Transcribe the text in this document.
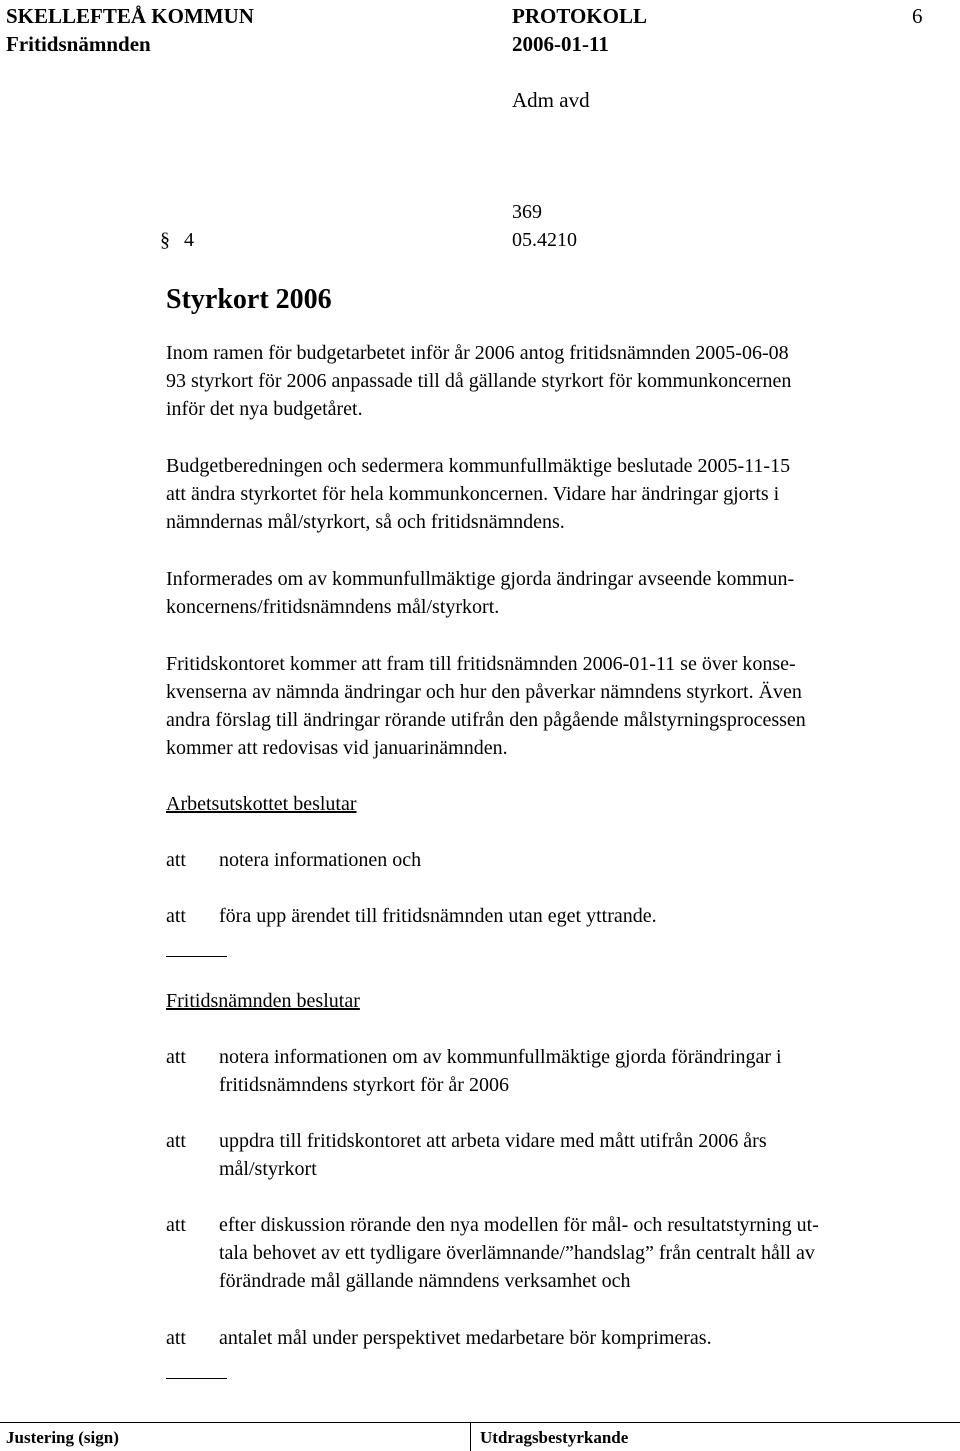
SKELLEFTEÅ KOMMUN	PROTOKOLL	6
Fritidsnämnden	2006-01-11
Adm avd
369
§ 4	05.4210
Styrkort 2006
Inom ramen för budgetarbetet inför år 2006 antog fritidsnämnden 2005-06-08
93 styrkort för 2006 anpassade till då gällande styrkort för kommunkoncernen
inför det nya budgetåret.
Budgetberedningen och sedermera kommunfullmäktige beslutade 2005-11-15
att ändra styrkortet för hela kommunkoncernen. Vidare har ändringar gjorts i
nämndernas mål/styrkort, så och fritidsnämndens.
Informerades om av kommunfullmäktige gjorda ändringar avseende kommun-
koncernens/fritidsnämndens mål/styrkort.
Fritidskontoret kommer att fram till fritidsnämnden 2006-01-11 se över konse-
kvenserna av nämnda ändringar och hur den påverkar nämndens styrkort. Även
andra förslag till ändringar rörande utifrån den pågående målstyrningsprocessen
kommer att redovisas vid januarinämnden.
Arbetsutskottet beslutar
att notera informationen och
att föra upp ärendet till fritidsnämnden utan eget yttrande.
Fritidsnämnden beslutar
att notera informationen om av kommunfullmäktige gjorda förändringar i
fritidsnämndens styrkort för år 2006
att uppdra till fritidskontoret att arbeta vidare med mått utifrån 2006 års
mål/styrkort
att efter diskussion rörande den nya modellen för mål- och resultatstyrning ut-
tala behovet av ett tydligare överlämnande/”handslag” från centralt håll av
förändrade mål gällande nämndens verksamhet och
att antalet mål under perspektivet medarbetare bör komprimeras.
Justering (sign)	Utdragsbestyrkande
